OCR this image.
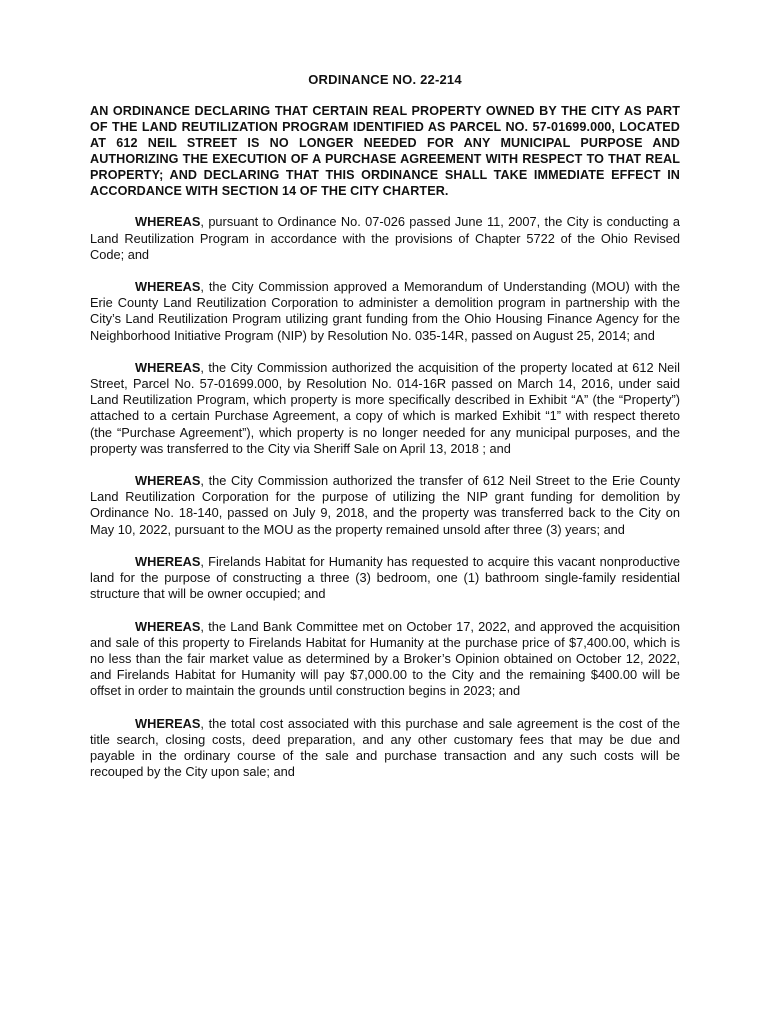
ORDINANCE NO. 22-214
AN ORDINANCE DECLARING THAT CERTAIN REAL PROPERTY OWNED BY THE CITY AS PART OF THE LAND REUTILIZATION PROGRAM IDENTIFIED AS PARCEL NO. 57-01699.000, LOCATED AT 612 NEIL STREET IS NO LONGER NEEDED FOR ANY MUNICIPAL PURPOSE AND AUTHORIZING THE EXECUTION OF A PURCHASE AGREEMENT WITH RESPECT TO THAT REAL PROPERTY; AND DECLARING THAT THIS ORDINANCE SHALL TAKE IMMEDIATE EFFECT IN ACCORDANCE WITH SECTION 14 OF THE CITY CHARTER.

WHEREAS, pursuant to Ordinance No. 07-026 passed June 11, 2007, the City is conducting a Land Reutilization Program in accordance with the provisions of Chapter 5722 of the Ohio Revised Code; and

WHEREAS, the City Commission approved a Memorandum of Understanding (MOU) with the Erie County Land Reutilization Corporation to administer a demolition program in partnership with the City’s Land Reutilization Program utilizing grant funding from the Ohio Housing Finance Agency for the Neighborhood Initiative Program (NIP) by Resolution No. 035-14R, passed on August 25, 2014; and

WHEREAS, the City Commission authorized the acquisition of the property located at 612 Neil Street, Parcel No. 57-01699.000, by Resolution No. 014-16R passed on March 14, 2016, under said Land Reutilization Program, which property is more specifically described in Exhibit “A” (the “Property”) attached to a certain Purchase Agreement, a copy of which is marked Exhibit “1” with respect thereto (the “Purchase Agreement”), which property is no longer needed for any municipal purposes, and the property was transferred to the City via Sheriff Sale on April 13, 2018 ; and

WHEREAS, the City Commission authorized the transfer of 612 Neil Street to the Erie County Land Reutilization Corporation for the purpose of utilizing the NIP grant funding for demolition by Ordinance No. 18-140, passed on July 9, 2018, and the property was transferred back to the City on May 10, 2022, pursuant to the MOU as the property remained unsold after three (3) years; and

WHEREAS, Firelands Habitat for Humanity has requested to acquire this vacant nonproductive land for the purpose of constructing a three (3) bedroom, one (1) bathroom single-family residential structure that will be owner occupied; and

WHEREAS, the Land Bank Committee met on October 17, 2022, and approved the acquisition and sale of this property to Firelands Habitat for Humanity at the purchase price of $7,400.00, which is no less than the fair market value as determined by a Broker’s Opinion obtained on October 12, 2022, and Firelands Habitat for Humanity will pay $7,000.00 to the City and the remaining $400.00 will be offset in order to maintain the grounds until construction begins in 2023; and

WHEREAS, the total cost associated with this purchase and sale agreement is the cost of the title search, closing costs, deed preparation, and any other customary fees that may be due and payable in the ordinary course of the sale and purchase transaction and any such costs will be recouped by the City upon sale; and
